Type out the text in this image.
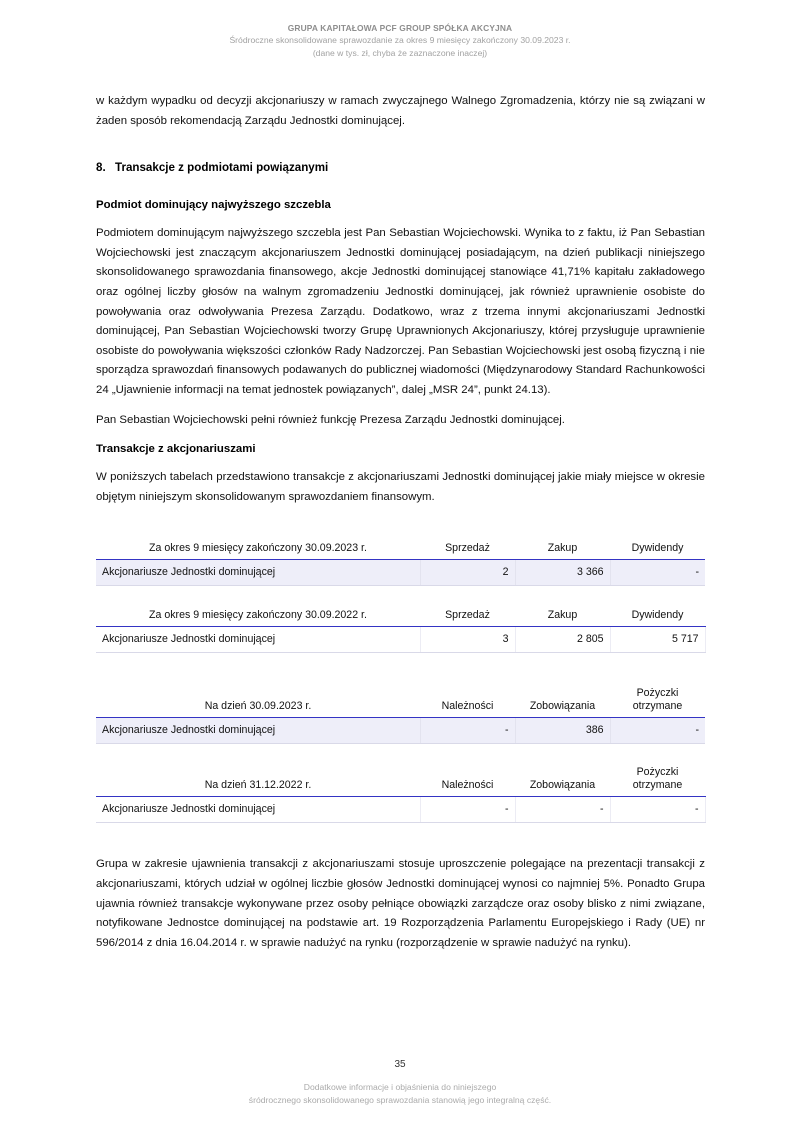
GRUPA KAPITAŁOWA PCF GROUP SPÓŁKA AKCYJNA
Śródroczne skonsolidowane sprawozdanie za okres 9 miesięcy zakończony 30.09.2023 r.
(dane w tys. zł, chyba że zaznaczone inaczej)

w każdym wypadku od decyzji akcjonariuszy w ramach zwyczajnego Walnego Zgromadzenia, którzy nie są związani w żaden sposób rekomendacją Zarządu Jednostki dominującej.

8. Transakcje z podmiotami powiązanymi
Podmiot dominujący najwyższego szczebla

Podmiotem dominującym najwyższego szczebla jest Pan Sebastian Wojciechowski. Wynika to z faktu, iż Pan Sebastian Wojciechowski jest znaczącym akcjonariuszem Jednostki dominującej posiadającym, na dzień publikacji niniejszego skonsolidowanego sprawozdania finansowego, akcje Jednostki dominującej stanowiące 41,71% kapitału zakładowego oraz ogólnej liczby głosów na walnym zgromadzeniu Jednostki dominującej, jak również uprawnienie osobiste do powoływania oraz odwoływania Prezesa Zarządu. Dodatkowo, wraz z trzema innymi akcjonariuszami Jednostki dominującej, Pan Sebastian Wojciechowski tworzy Grupę Uprawnionych Akcjonariuszy, której przysługuje uprawnienie osobiste do powoływania większości członków Rady Nadzorczej. Pan Sebastian Wojciechowski jest osobą fizyczną i nie sporządza sprawozdań finansowych podawanych do publicznej wiadomości (Międzynarodowy Standard Rachunkowości 24 „Ujawnienie informacji na temat jednostek powiązanych”, dalej „MSR 24”, punkt 24.13).

Pan Sebastian Wojciechowski pełni również funkcję Prezesa Zarządu Jednostki dominującej.

Transakcje z akcjonariuszami

W poniższych tabelach przedstawiono transakcje z akcjonariuszami Jednostki dominującej jakie miały miejsce w okresie objętym niniejszym skonsolidowanym sprawozdaniem finansowym.

Za okres 9 miesięcy zakończony 30.09.2023 r.	Sprzedaż	Zakup	Dywidendy
Akcjonariusze Jednostki dominującej	2	3 366	-
Za okres 9 miesięcy zakończony 30.09.2022 r.	Sprzedaż	Zakup	Dywidendy
Akcjonariusze Jednostki dominującej	3	2 805	5 717
Na dzień 30.09.2023 r.	Należności	Zobowiązania	Pożyczki
otrzymane

Akcjonariusze Jednostki dominującej	-	386	-
Na dzień 31.12.2022 r.	Należności	Zobowiązania	Pożyczki
otrzymane

Akcjonariusze Jednostki dominującej	-	-	-

Grupa w zakresie ujawnienia transakcji z akcjonariuszami stosuje uproszczenie polegające na prezentacji transakcji z akcjonariuszami, których udział w ogólnej liczbie głosów Jednostki dominującej wynosi co najmniej 5%. Ponadto Grupa ujawnia również transakcje wykonywane przez osoby pełniące obowiązki zarządcze oraz osoby blisko z nimi związane, notyfikowane Jednostce dominującej na podstawie art. 19 Rozporządzenia Parlamentu Europejskiego i Rady (UE) nr 596/2014 z dnia 16.04.2014 r. w sprawie nadużyć na rynku (rozporządzenie w sprawie nadużyć na rynku).

35
Dodatkowe informacje i objaśnienia do niniejszego
śródrocznego skonsolidowanego sprawozdania stanowią jego integralną część.
